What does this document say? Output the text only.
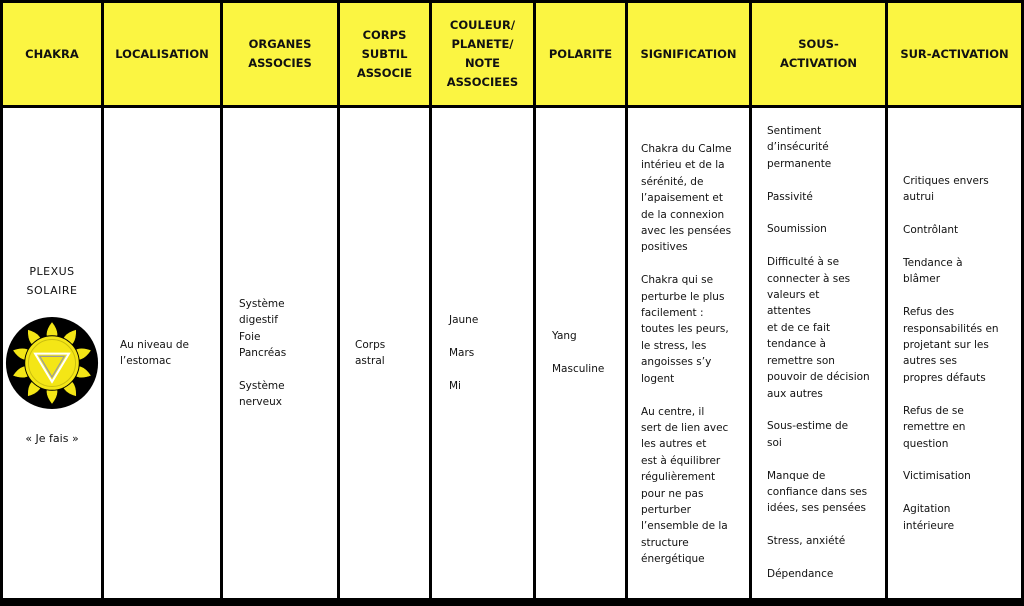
CHAKRA	LOCALISATION
ORGANES
ASSOCIES
CORPS
SUBTIL
ASSOCIE
COULEUR/
PLANETE/
NOTE
ASSOCIEES
POLARITE	SIGNIFICATION
SOUS-
ACTIVATION
SUR-ACTIVATION
PLEXUS
SOLAIRE
« Je fais »
Au niveau de
l’estomac
Système
digestif
Foie
Pancréas

Système
nerveux
Corps
astral
Jaune

Mars

Mi
Yang

Masculine
Chakra du Calme
intérieu et de la
sérénité, de
l’apaisement et
de la connexion
avec les pensées
positives

Chakra qui se
perturbe le plus
facilement :
toutes les peurs,
le stress, les
angoisses s’y
logent

Au centre, il
sert de lien avec
les autres et
est à équilibrer
régulièrement
pour ne pas
perturber
l’ensemble de la
structure
énergétique
Sentiment
d’insécurité
permanente

Passivité

Soumission

Difficulté à se
connecter à ses
valeurs et
attentes
et de ce fait
tendance à
remettre son
pouvoir de décision
aux autres

Sous-estime de
soi

Manque de
confiance dans ses
idées, ses pensées

Stress, anxiété

Dépendance
Critiques envers
autrui

Contrôlant

Tendance à
blâmer

Refus des
responsabilités en
projetant sur les
autres ses
propres défauts

Refus de se
remettre en
question

Victimisation

Agitation
intérieure
